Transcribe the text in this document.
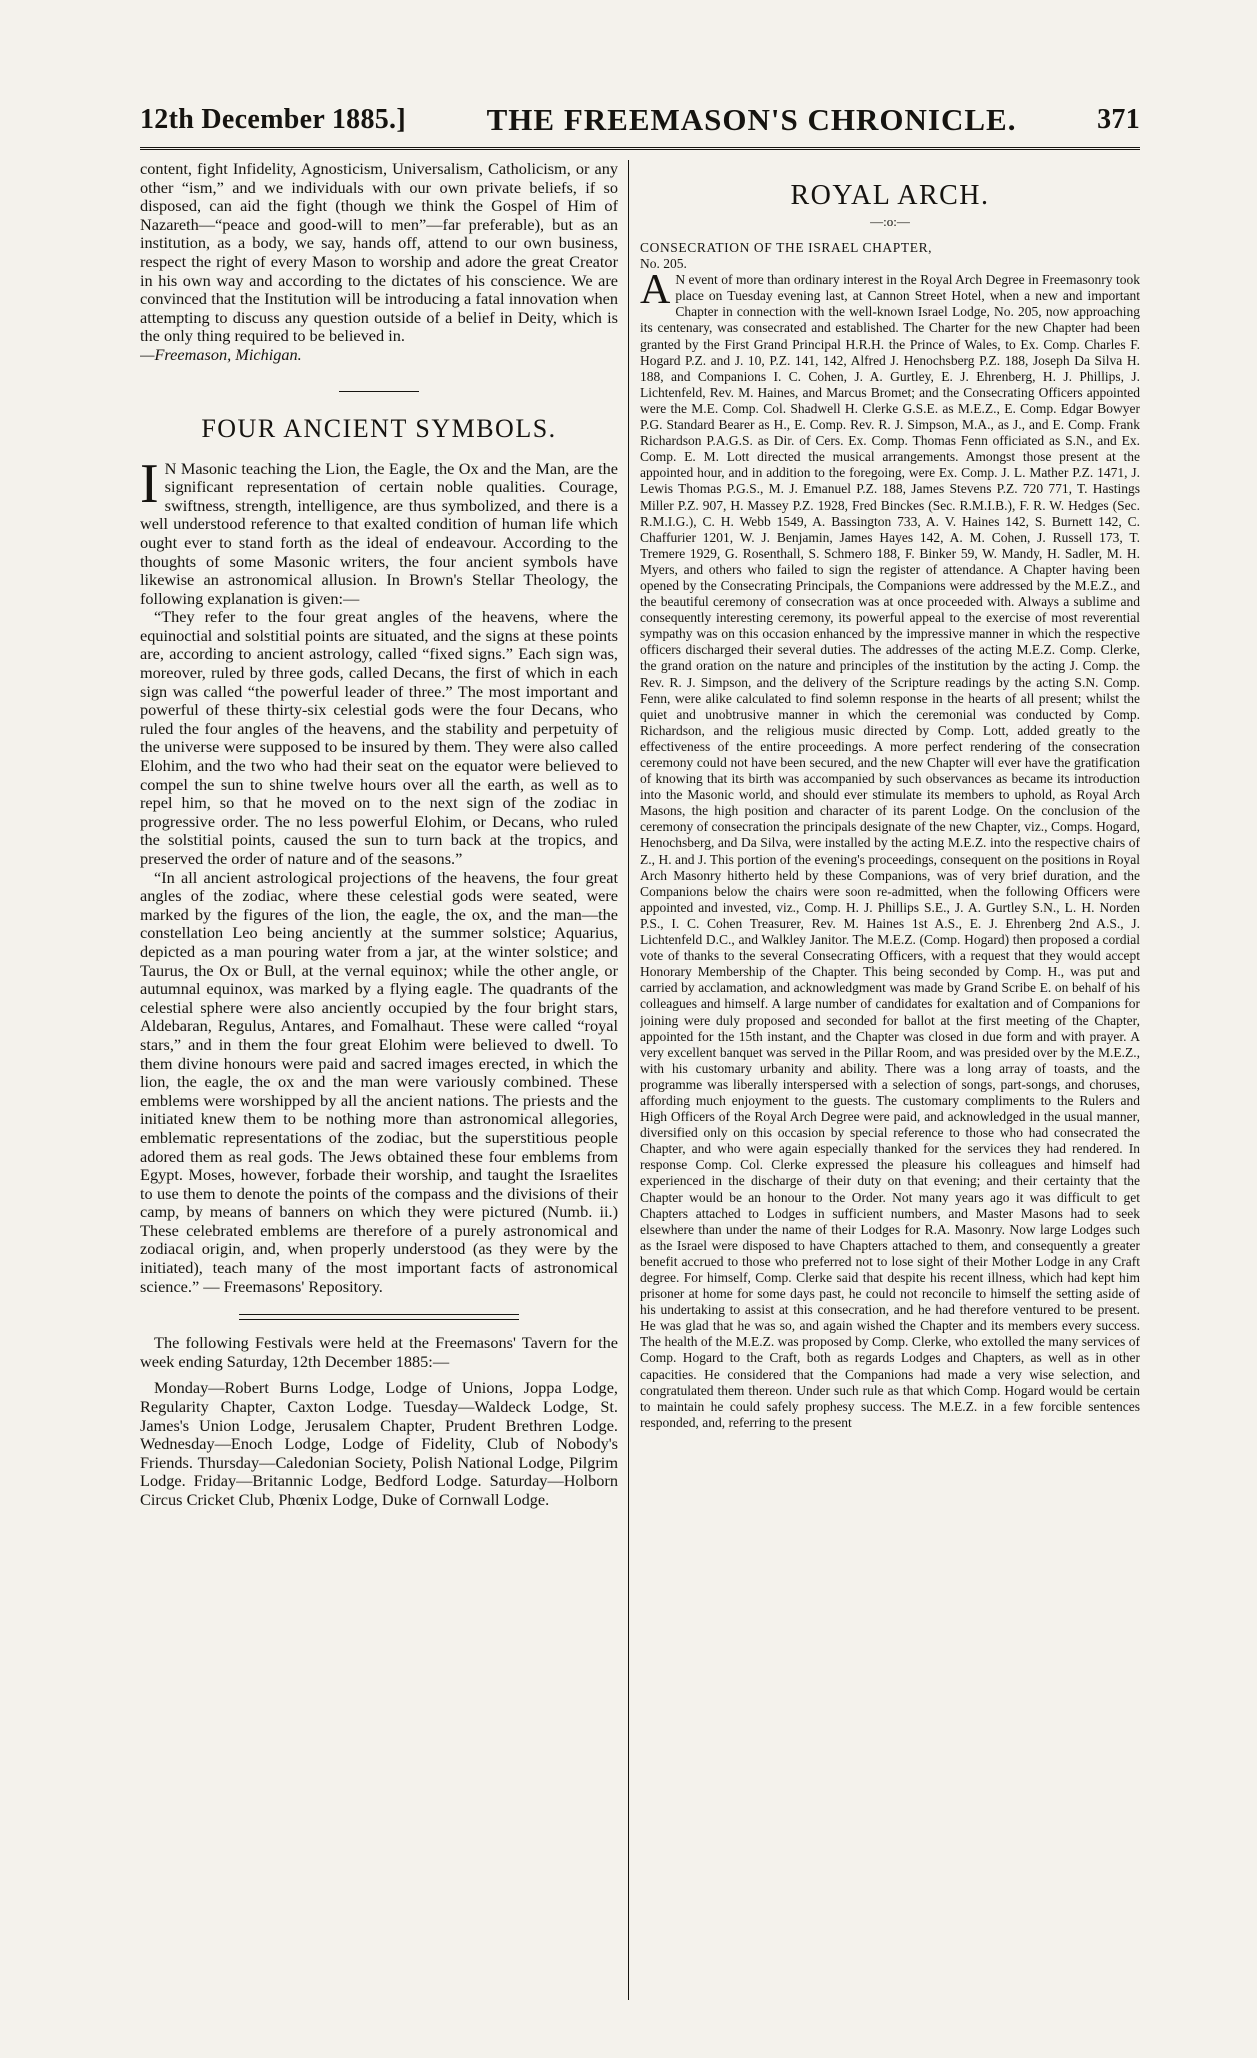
12th December 1885.]	THE FREEMASON'S CHRONICLE.	371

content, fight Infidelity, Agnosticism, Universalism, Catholicism, or any other “ism,” and we individuals with our own private beliefs, if so disposed, can aid the fight (though we think the Gospel of Him of Nazareth—“peace and good-will to men”—far preferable), but as an institution, as a body, we say, hands off, attend to our own business, respect the right of every Mason to worship and adore the great Creator in his own way and according to the dictates of his conscience. We are convinced that the Institution will be introducing a fatal innovation when attempting to discuss any question outside of a belief in Deity, which is the only thing required to be believed in.

—Freemason, Michigan.

FOUR ANCIENT SYMBOLS.

I N Masonic teaching the Lion, the Eagle, the Ox and the Man, are the significant representation of certain noble qualities. Courage, swiftness, strength, intelligence, are thus symbolized, and there is a well understood reference to that exalted condition of human life which ought ever to stand forth as the ideal of endeavour. According to the thoughts of some Masonic writers, the four ancient symbols have likewise an astronomical allusion. In Brown's Stellar Theology, the following explanation is given:—

“They refer to the four great angles of the heavens, where the equinoctial and solstitial points are situated, and the signs at these points are, according to ancient astrology, called “fixed signs.” Each sign was, moreover, ruled by three gods, called Decans, the first of which in each sign was called “the powerful leader of three.” The most important and powerful of these thirty-six celestial gods were the four Decans, who ruled the four angles of the heavens, and the stability and perpetuity of the universe were supposed to be insured by them. They were also called Elohim, and the two who had their seat on the equator were believed to compel the sun to shine twelve hours over all the earth, as well as to repel him, so that he moved on to the next sign of the zodiac in progressive order. The no less powerful Elohim, or Decans, who ruled the solstitial points, caused the sun to turn back at the tropics, and preserved the order of nature and of the seasons.”

“In all ancient astrological projections of the heavens, the four great angles of the zodiac, where these celestial gods were seated, were marked by the figures of the lion, the eagle, the ox, and the man—the constellation Leo being anciently at the summer solstice; Aquarius, depicted as a man pouring water from a jar, at the winter solstice; and Taurus, the Ox or Bull, at the vernal equinox; while the other angle, or autumnal equinox, was marked by a flying eagle. The quadrants of the celestial sphere were also anciently occupied by the four bright stars, Aldebaran, Regulus, Antares, and Fomalhaut. These were called “royal stars,” and in them the four great Elohim were believed to dwell. To them divine honours were paid and sacred images erected, in which the lion, the eagle, the ox and the man were variously combined. These emblems were worshipped by all the ancient nations. The priests and the initiated knew them to be nothing more than astronomical allegories, emblematic representations of the zodiac, but the superstitious people adored them as real gods. The Jews obtained these four emblems from Egypt. Moses, however, forbade their worship, and taught the Israelites to use them to denote the points of the compass and the divisions of their camp, by means of banners on which they were pictured (Numb. ii.) These celebrated emblems are therefore of a purely astronomical and zodiacal origin, and, when properly understood (as they were by the initiated), teach many of the most important facts of astronomical science.” — Freemasons' Repository.

The following Festivals were held at the Freemasons' Tavern for the week ending Saturday, 12th December 1885:—

Monday—Robert Burns Lodge, Lodge of Unions, Joppa Lodge, Regularity Chapter, Caxton Lodge. Tuesday—Waldeck Lodge, St. James's Union Lodge, Jerusalem Chapter, Prudent Brethren Lodge. Wednesday—Enoch Lodge, Lodge of Fidelity, Club of Nobody's Friends. Thursday—Caledonian Society, Polish National Lodge, Pilgrim Lodge. Friday—Britannic Lodge, Bedford Lodge. Saturday—Holborn Circus Cricket Club, Phœnix Lodge, Duke of Cornwall Lodge.

ROYAL ARCH.
—:o:—

CONSECRATION OF THE ISRAEL CHAPTER,

No. 205.

A N event of more than ordinary interest in the Royal Arch Degree in Freemasonry took place on Tuesday evening last, at Cannon Street Hotel, when a new and important Chapter in connection with the well-known Israel Lodge, No. 205, now approaching its centenary, was consecrated and established. The Charter for the new Chapter had been granted by the First Grand Principal H.R.H. the Prince of Wales, to Ex. Comp. Charles F. Hogard P.Z. and J. 10, P.Z. 141, 142, Alfred J. Henochsberg P.Z. 188, Joseph Da Silva H. 188, and Companions I. C. Cohen, J. A. Gurtley, E. J. Ehrenberg, H. J. Phillips, J. Lichtenfeld, Rev. M. Haines, and Marcus Bromet; and the Consecrating Officers appointed were the M.E. Comp. Col. Shadwell H. Clerke G.S.E. as M.E.Z., E. Comp. Edgar Bowyer P.G. Standard Bearer as H., E. Comp. Rev. R. J. Simpson, M.A., as J., and E. Comp. Frank Richardson P.A.G.S. as Dir. of Cers. Ex. Comp. Thomas Fenn officiated as S.N., and Ex. Comp. E. M. Lott directed the musical arrangements. Amongst those present at the appointed hour, and in addition to the foregoing, were Ex. Comp. J. L. Mather P.Z. 1471, J. Lewis Thomas P.G.S., M. J. Emanuel P.Z. 188, James Stevens P.Z. 720 771, T. Hastings Miller P.Z. 907, H. Massey P.Z. 1928, Fred Binckes (Sec. R.M.I.B.), F. R. W. Hedges (Sec. R.M.I.G.), C. H. Webb 1549, A. Bassington 733, A. V. Haines 142, S. Burnett 142, C. Chaffurier 1201, W. J. Benjamin, James Hayes 142, A. M. Cohen, J. Russell 173, T. Tremere 1929, G. Rosenthall, S. Schmero 188, F. Binker 59, W. Mandy, H. Sadler, M. H. Myers, and others who failed to sign the register of attendance. A Chapter having been opened by the Consecrating Principals, the Companions were addressed by the M.E.Z., and the beautiful ceremony of consecration was at once proceeded with. Always a sublime and consequently interesting ceremony, its powerful appeal to the exercise of most reverential sympathy was on this occasion enhanced by the impressive manner in which the respective officers discharged their several duties. The addresses of the acting M.E.Z. Comp. Clerke, the grand oration on the nature and principles of the institution by the acting J. Comp. the Rev. R. J. Simpson, and the delivery of the Scripture readings by the acting S.N. Comp. Fenn, were alike calculated to find solemn response in the hearts of all present; whilst the quiet and unobtrusive manner in which the ceremonial was conducted by Comp. Richardson, and the religious music directed by Comp. Lott, added greatly to the effectiveness of the entire proceedings. A more perfect rendering of the consecration ceremony could not have been secured, and the new Chapter will ever have the gratification of knowing that its birth was accompanied by such observances as became its introduction into the Masonic world, and should ever stimulate its members to uphold, as Royal Arch Masons, the high position and character of its parent Lodge. On the conclusion of the ceremony of consecration the principals designate of the new Chapter, viz., Comps. Hogard, Henochsberg, and Da Silva, were installed by the acting M.E.Z. into the respective chairs of Z., H. and J. This portion of the evening's proceedings, consequent on the positions in Royal Arch Masonry hitherto held by these Companions, was of very brief duration, and the Companions below the chairs were soon re-admitted, when the following Officers were appointed and invested, viz., Comp. H. J. Phillips S.E., J. A. Gurtley S.N., L. H. Norden P.S., I. C. Cohen Treasurer, Rev. M. Haines 1st A.S., E. J. Ehrenberg 2nd A.S., J. Lichtenfeld D.C., and Walkley Janitor. The M.E.Z. (Comp. Hogard) then proposed a cordial vote of thanks to the several Consecrating Officers, with a request that they would accept Honorary Membership of the Chapter. This being seconded by Comp. H., was put and carried by acclamation, and acknowledgment was made by Grand Scribe E. on behalf of his colleagues and himself. A large number of candidates for exaltation and of Companions for joining were duly proposed and seconded for ballot at the first meeting of the Chapter, appointed for the 15th instant, and the Chapter was closed in due form and with prayer. A very excellent banquet was served in the Pillar Room, and was presided over by the M.E.Z., with his customary urbanity and ability. There was a long array of toasts, and the programme was liberally interspersed with a selection of songs, part-songs, and choruses, affording much enjoyment to the guests. The customary compliments to the Rulers and High Officers of the Royal Arch Degree were paid, and acknowledged in the usual manner, diversified only on this occasion by special reference to those who had consecrated the Chapter, and who were again especially thanked for the services they had rendered. In response Comp. Col. Clerke expressed the pleasure his colleagues and himself had experienced in the discharge of their duty on that evening; and their certainty that the Chapter would be an honour to the Order. Not many years ago it was difficult to get Chapters attached to Lodges in sufficient numbers, and Master Masons had to seek elsewhere than under the name of their Lodges for R.A. Masonry. Now large Lodges such as the Israel were disposed to have Chapters attached to them, and consequently a greater benefit accrued to those who preferred not to lose sight of their Mother Lodge in any Craft degree. For himself, Comp. Clerke said that despite his recent illness, which had kept him prisoner at home for some days past, he could not reconcile to himself the setting aside of his undertaking to assist at this consecration, and he had therefore ventured to be present. He was glad that he was so, and again wished the Chapter and its members every success. The health of the M.E.Z. was proposed by Comp. Clerke, who extolled the many services of Comp. Hogard to the Craft, both as regards Lodges and Chapters, as well as in other capacities. He considered that the Companions had made a very wise selection, and congratulated them thereon. Under such rule as that which Comp. Hogard would be certain to maintain he could safely prophesy success. The M.E.Z. in a few forcible sentences responded, and, referring to the present
